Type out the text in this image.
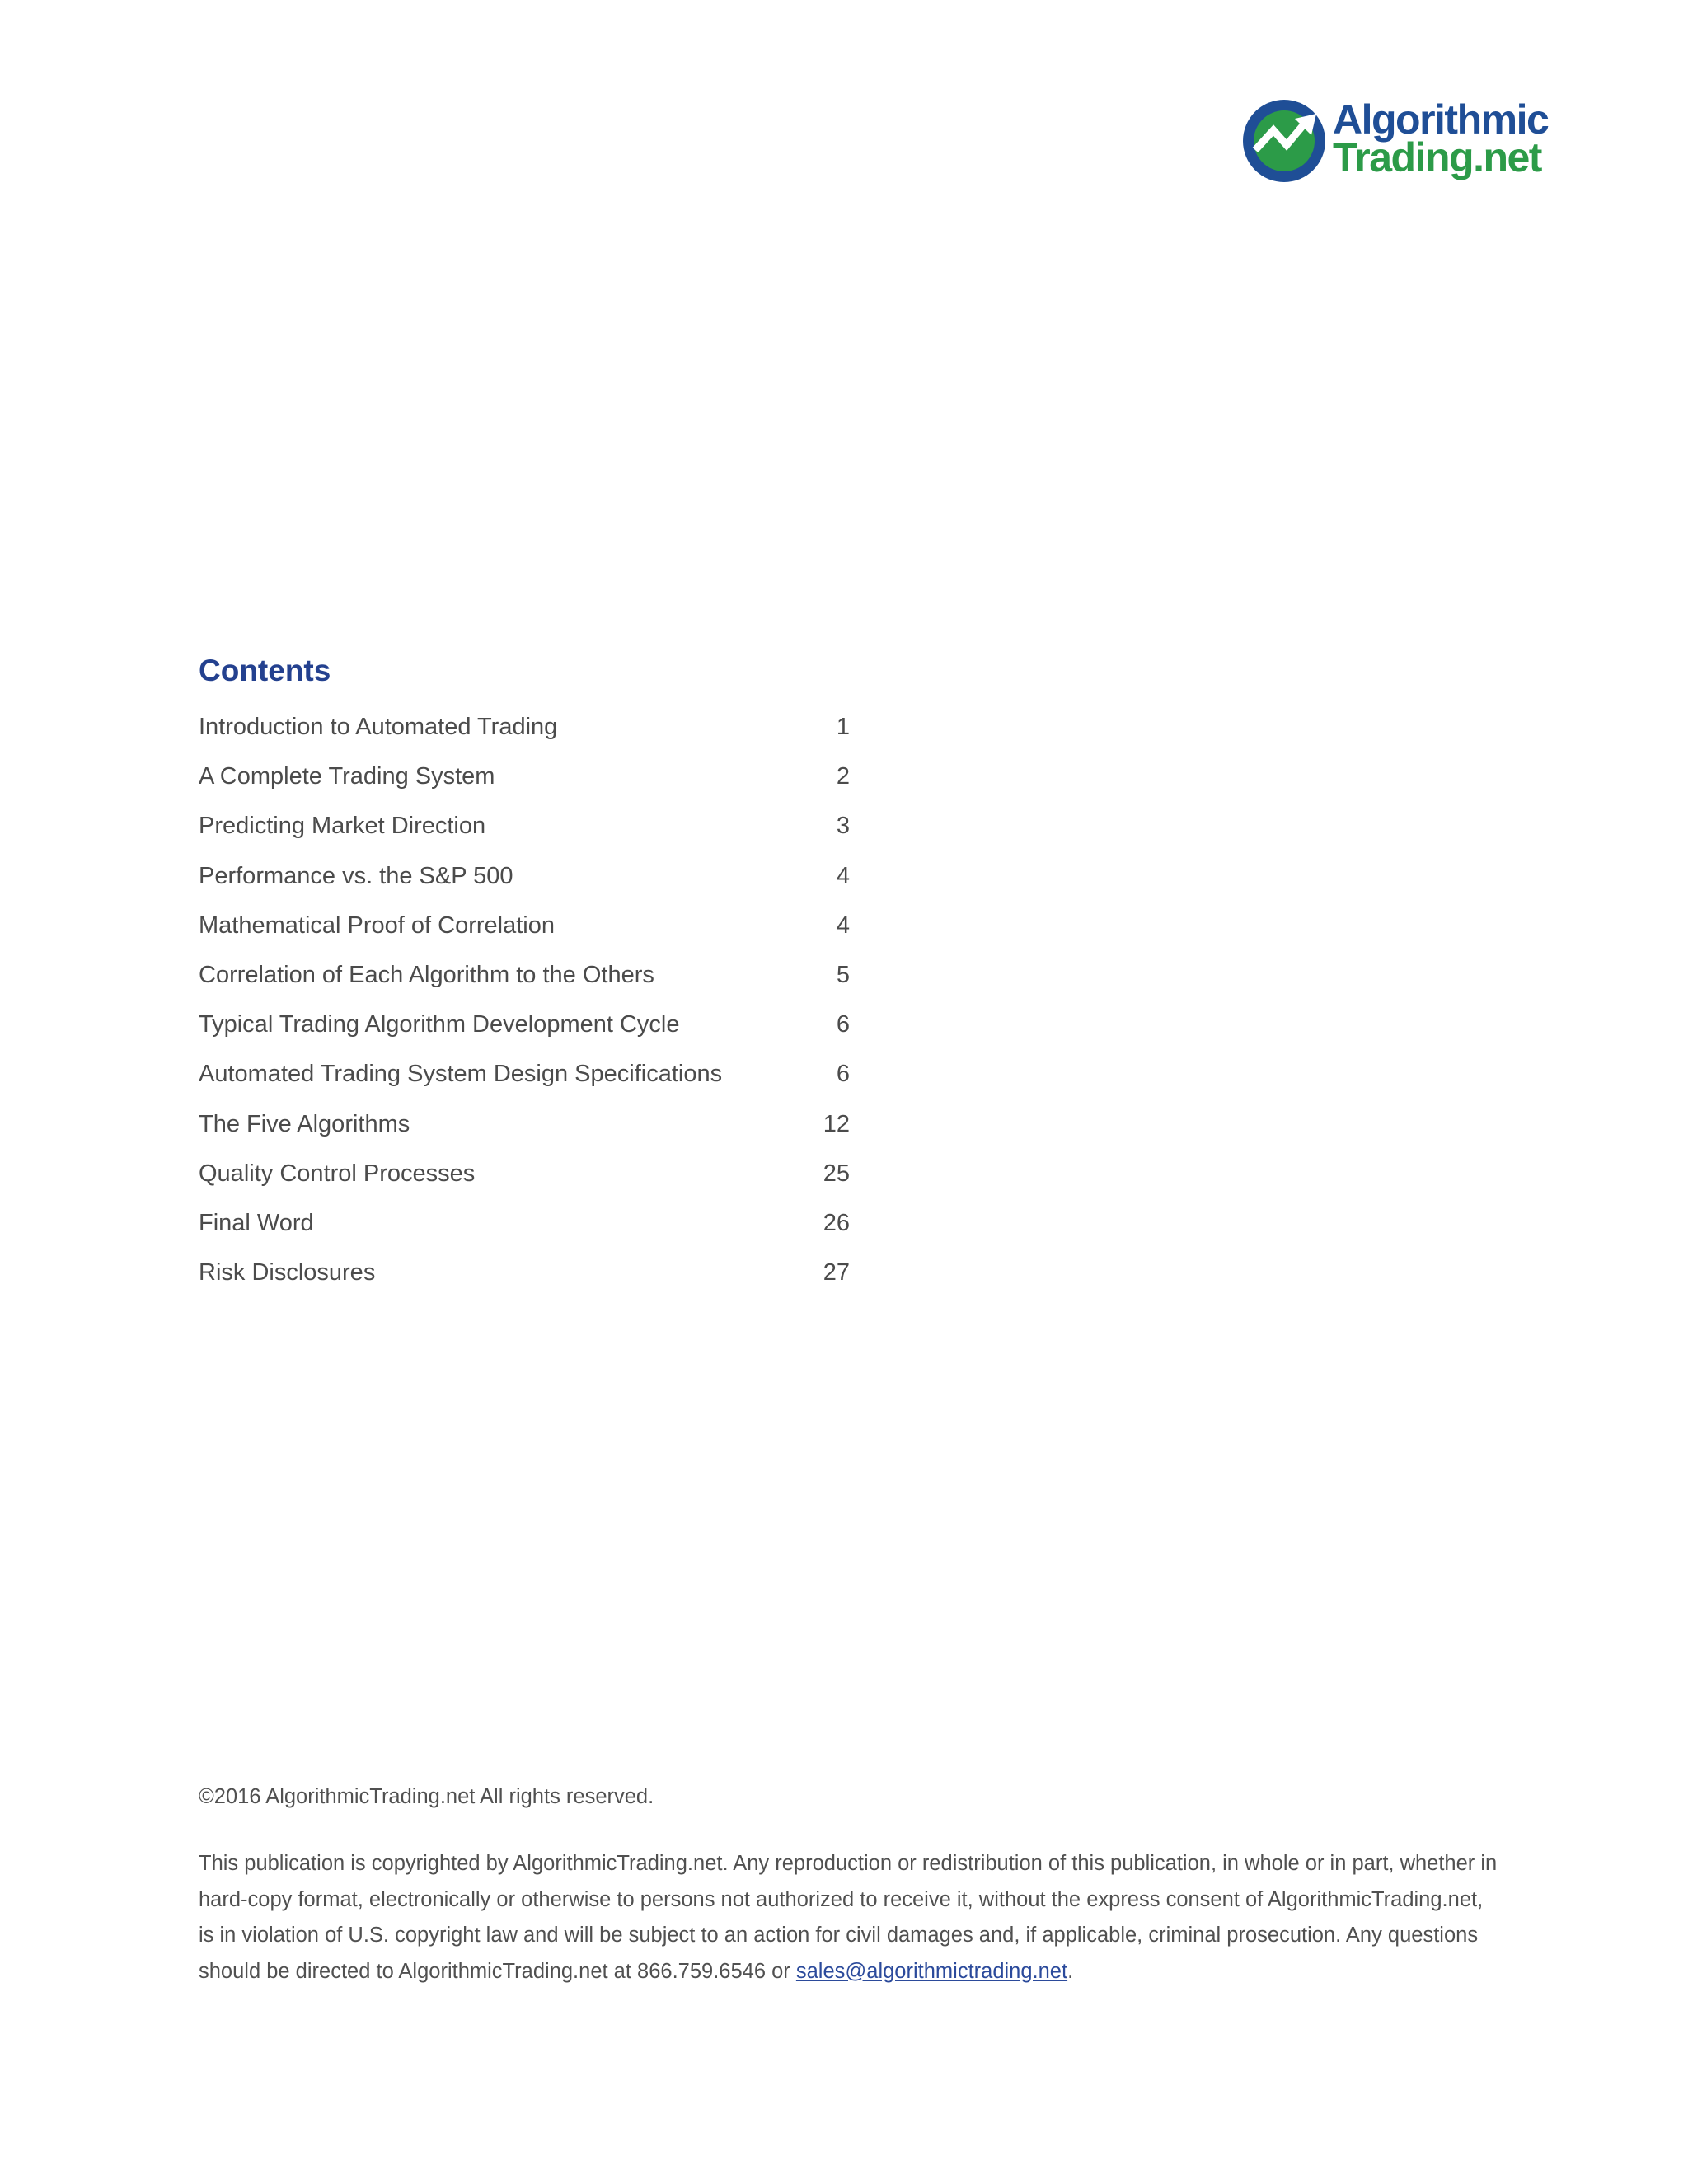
Algorithmic
Trading.net
Contents
Introduction to Automated Trading	1
A Complete Trading System	2
Predicting Market Direction	3
Performance vs. the S&P 500	4
Mathematical Proof of Correlation	4
Correlation of Each Algorithm to the Others	5
Typical Trading Algorithm Development Cycle	6
Automated Trading System Design Specifications	6
The Five Algorithms	12
Quality Control Processes	25
Final Word	26
Risk Disclosures	27

©2016 AlgorithmicTrading.net All rights reserved.

This publication is copyrighted by AlgorithmicTrading.net. Any reproduction or redistribution of this publication, in whole or in part, whether in hard-copy format, electronically or otherwise to persons not authorized to receive it, without the express consent of AlgorithmicTrading.net, is in violation of U.S. copyright law and will be subject to an action for civil damages and, if applicable, criminal prosecution. Any questions should be directed to AlgorithmicTrading.net at 866.759.6546 or sales@algorithmictrading.net.
